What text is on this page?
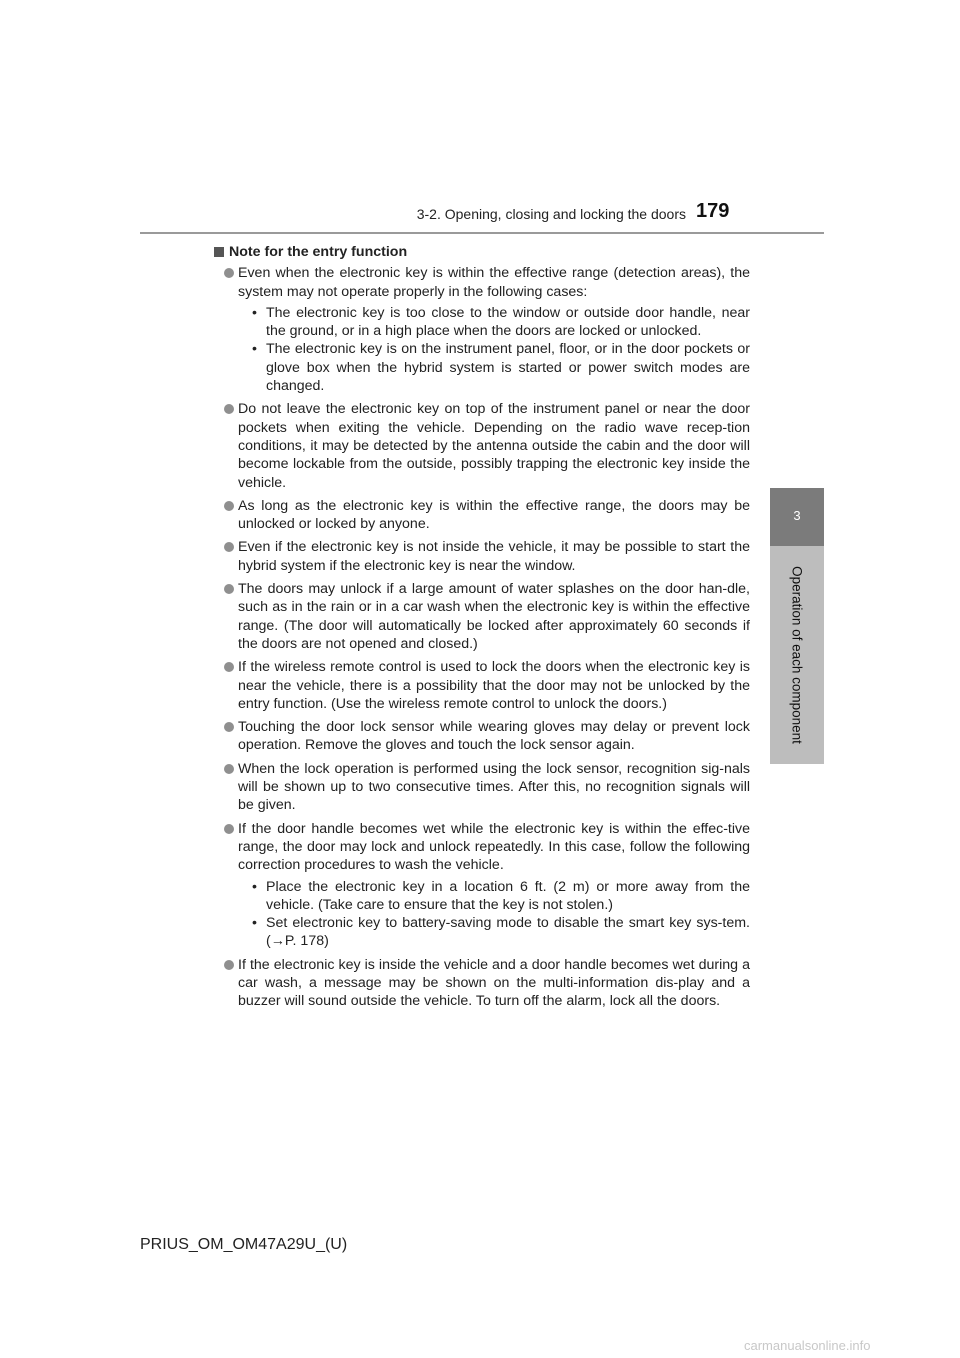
3-2. Opening, closing and locking the doors 179
3
Operation of each component
Note for the entry function
Even when the electronic key is within the effective range (detection areas), the system may not operate properly in the following cases:
• The electronic key is too close to the window or outside door handle, near the ground, or in a high place when the doors are locked or unlocked.
• The electronic key is on the instrument panel, floor, or in the door pockets or glove box when the hybrid system is started or power switch modes are changed.
Do not leave the electronic key on top of the instrument panel or near the door pockets when exiting the vehicle. Depending on the radio wave recep-tion conditions, it may be detected by the antenna outside the cabin and the door will become lockable from the outside, possibly trapping the electronic key inside the vehicle.
As long as the electronic key is within the effective range, the doors may be unlocked or locked by anyone.
Even if the electronic key is not inside the vehicle, it may be possible to start the hybrid system if the electronic key is near the window.
The doors may unlock if a large amount of water splashes on the door han-dle, such as in the rain or in a car wash when the electronic key is within the effective range. (The door will automatically be locked after approximately 60 seconds if the doors are not opened and closed.)
If the wireless remote control is used to lock the doors when the electronic key is near the vehicle, there is a possibility that the door may not be unlocked by the entry function. (Use the wireless remote control to unlock the doors.)
Touching the door lock sensor while wearing gloves may delay or prevent lock operation. Remove the gloves and touch the lock sensor again.
When the lock operation is performed using the lock sensor, recognition sig-nals will be shown up to two consecutive times. After this, no recognition signals will be given.
If the door handle becomes wet while the electronic key is within the effec-tive range, the door may lock and unlock repeatedly. In this case, follow the following correction procedures to wash the vehicle.
• Place the electronic key in a location 6 ft. (2 m) or more away from the vehicle. (Take care to ensure that the key is not stolen.)
• Set electronic key to battery-saving mode to disable the smart key sys-tem. (→P. 178)
If the electronic key is inside the vehicle and a door handle becomes wet during a car wash, a message may be shown on the multi-information dis-play and a buzzer will sound outside the vehicle. To turn off the alarm, lock all the doors.
PRIUS_OM_OM47A29U_(U)
carmanualsonline.info
